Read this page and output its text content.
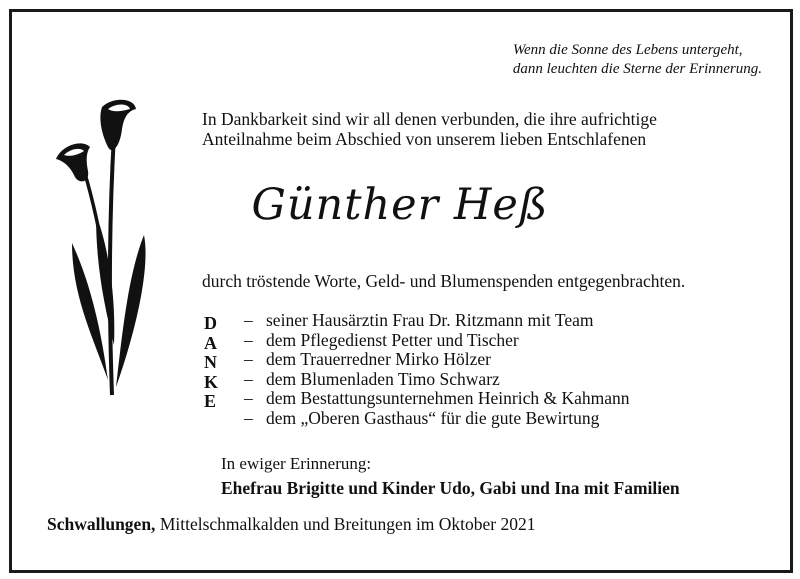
Wenn die Sonne des Lebens untergeht,
dann leuchten die Sterne der Erinnerung.
In Dankbarkeit sind wir all denen verbunden, die ihre aufrichtige
Anteilnahme beim Abschied von unserem lieben Entschlafenen
Günther Heß
durch tröstende Worte, Geld- und Blumenspenden entgegenbrachten.
D
A
N
K
E
– seiner Hausärztin Frau Dr. Ritzmann mit Team
– dem Pflegedienst Petter und Tischer
– dem Trauerredner Mirko Hölzer
– dem Blumenladen Timo Schwarz
– dem Bestattungsunternehmen Heinrich & Kahmann
– dem „Oberen Gasthaus“ für die gute Bewirtung
In ewiger Erinnerung:
Ehefrau Brigitte und Kinder Udo, Gabi und Ina mit Familien
Schwallungen, Mittelschmalkalden und Breitungen im Oktober 2021
